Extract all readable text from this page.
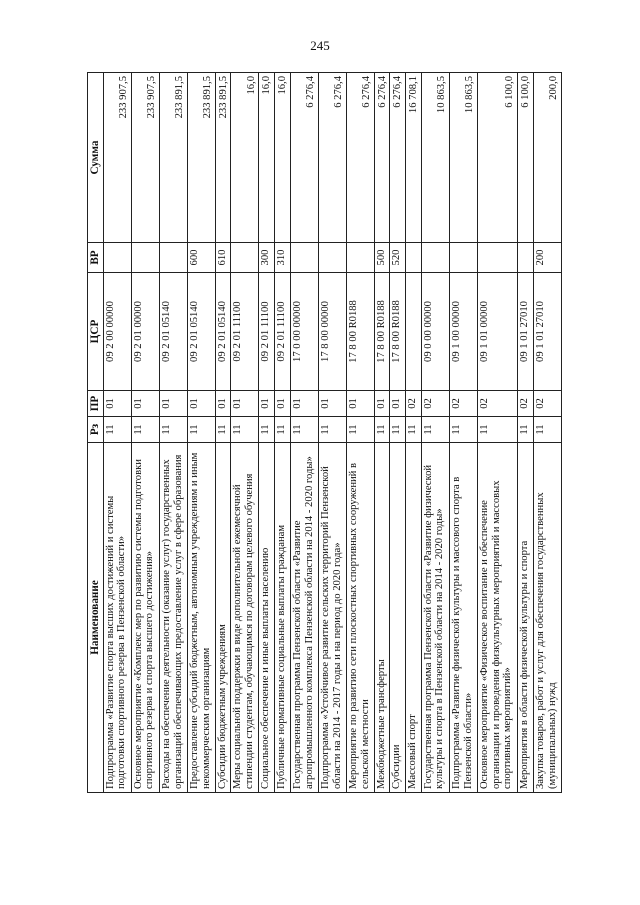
245
Наименование	Рз	ПР	ЦСР	ВР	Сумма
Подпрограмма «Развитие спорта высших достижений и системы подготовки спортивного резерва в Пензенской области»	11	01	09 2 00 00000		233 907,5
Основное мероприятие «Комплекс мер по развитию системы подготовки спортивного резерва и спорта высшего достижения»	11	01	09 2 01 00000		233 907,5
Расходы на обеспечение деятельности (оказание услуг) государственных организаций обеспечивающих предоставление услуг в сфере образования	11	01	09 2 01 05140		233 891,5
Предоставление субсидий бюджетным, автономным учреждениям и иным некоммерческим организациям	11	01	09 2 01 05140	600	233 891,5
Субсидии бюджетным учреждениям	11	01	09 2 01 05140	610	233 891,5
Меры социальной поддержки в виде дополнительной ежемесячной стипендии студентам, обучающимся по договорам целевого обучения	11	01	09 2 01 11100		16,0
Социальное обеспечение и иные выплаты населению	11	01	09 2 01 11100	300	16,0
Публичные нормативные социальные выплаты гражданам	11	01	09 2 01 11100	310	16,0
Государственная программа Пензенской области «Развитие агропромышленного комплекса Пензенской области на 2014 - 2020 годы»	11	01	17 0 00 00000		6 276,4
Подпрограмма «Устойчивое развитие сельских территорий Пензенской области на 2014 - 2017 годы и на период до 2020 года»	11	01	17 8 00 00000		6 276,4
Мероприятие по развитию сети плоскостных спортивных сооружений в сельской местности	11	01	17 8 00 R0188		6 276,4
Межбюджетные трансферты	11	01	17 8 00 R0188	500	6 276,4
Субсидии	11	01	17 8 00 R0188	520	6 276,4
Массовый спорт	11	02			16 708,1
Государственная программа Пензенской области «Развитие физической культуры и спорта в Пензенской области на 2014 - 2020 годы»	11	02	09 0 00 00000		10 863,5
Подпрограмма «Развитие физической культуры и массового спорта в Пензенской области»	11	02	09 1 00 00000		10 863,5
Основное мероприятие «Физическое воспитание и обеспечение организации и проведения физкультурных мероприятий и массовых спортивных мероприятий»	11	02	09 1 01 00000		6 100,0
Мероприятия в области физической культуры и спорта	11	02	09 1 01 27010		6 100,0
Закупка товаров, работ и услуг для обеспечения государственных (муниципальных) нужд	11	02	09 1 01 27010	200	200,0
